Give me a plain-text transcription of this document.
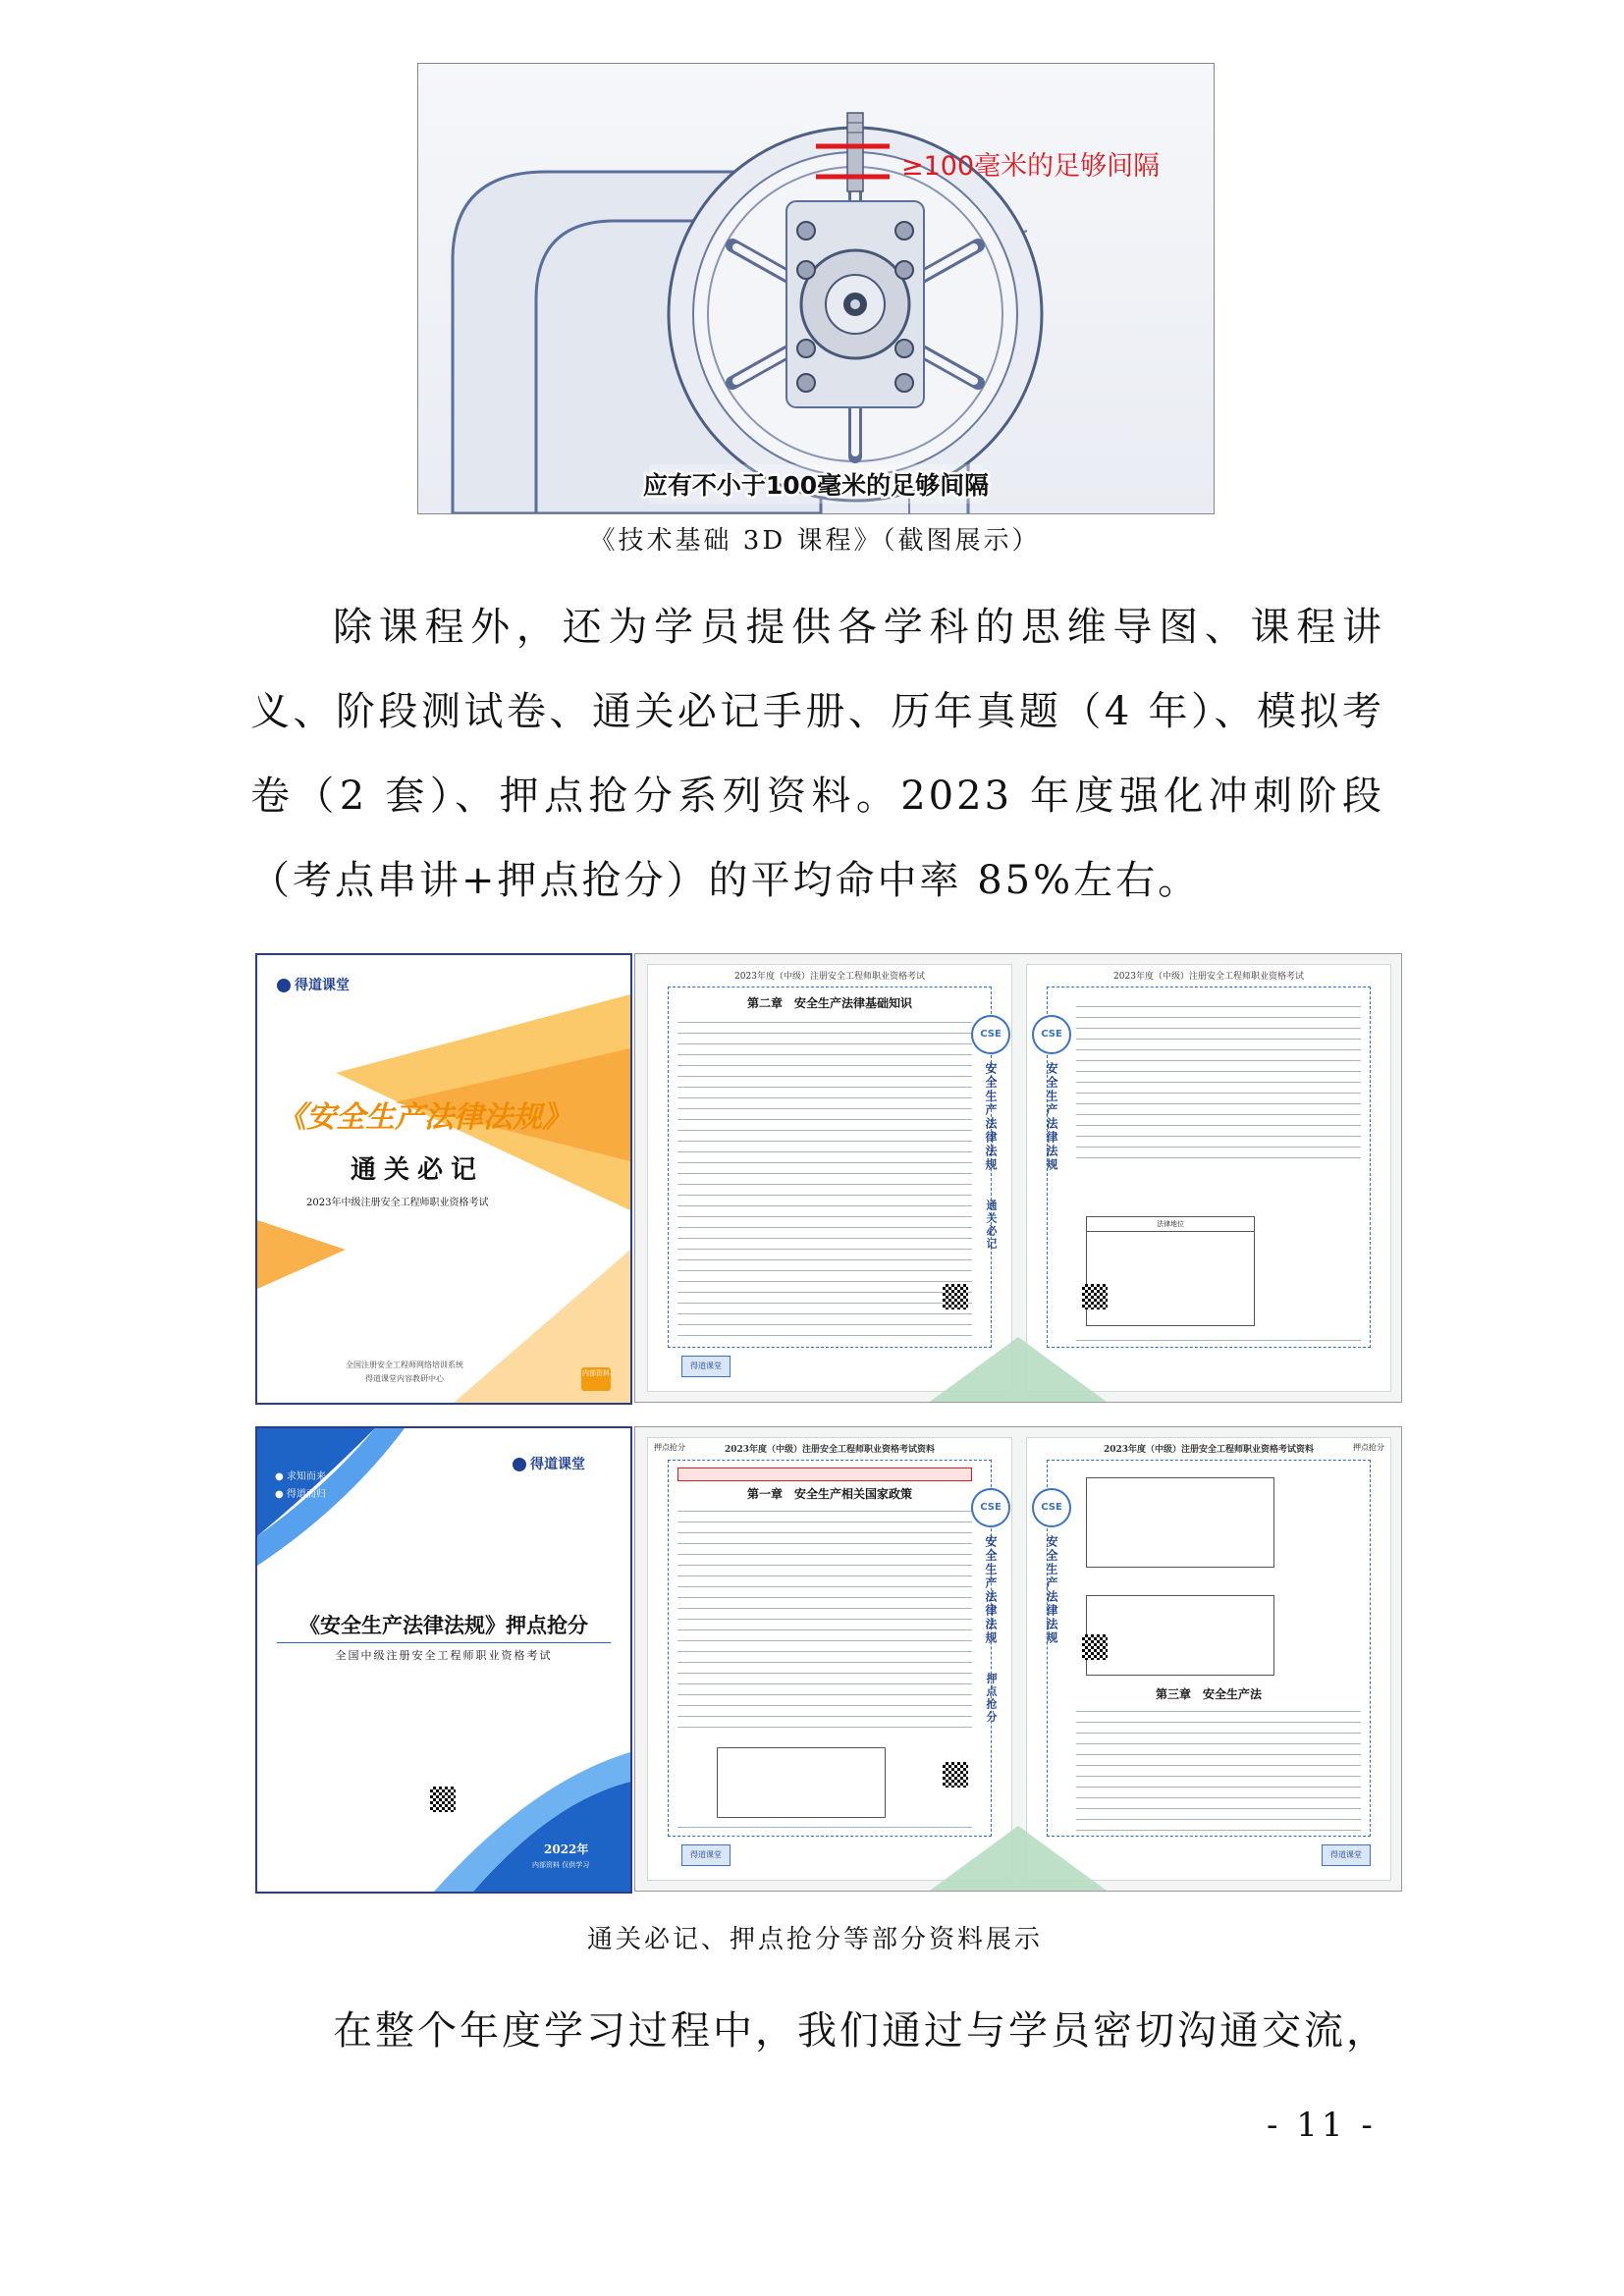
≥100毫米的足够间隔
应有不小于100毫米的足够间隔
《技术基础 3D 课程》（截图展示）
除课程外，还为学员提供各学科的思维导图、课程讲义、阶段测试卷、通关必记手册、历年真题（4 年）、模拟考卷（2 套）、押点抢分系列资料。2023 年度强化冲刺阶段（考点串讲+押点抢分）的平均命中率 85%左右。
得道课堂
《安全生产法律法规》
通关必记
2023年中级注册安全工程师职业资格考试
全国注册安全工程师网络培训系统
得道课堂内容教研中心
内部资料
2023年度（中级）注册安全工程师职业资格考试
第二章　安全生产法律基础知识
得道课堂
CSE
安全生产法律法规
通关必记
2023年度（中级）注册安全工程师职业资格考试
法律地位
CSE
安全生产法律法规
● 求知而来
● 得道而归
得道课堂
《安全生产法律法规》押点抢分
全国中级注册安全工程师职业资格考试
2022年
内部资料 仅供学习
2023年度（中级）注册安全工程师职业资格考试资料
押点抢分
第一章　安全生产相关国家政策
得道课堂
CSE
安全生产法律法规
押点抢分
2023年度（中级）注册安全工程师职业资格考试资料	押点抢分
第三章　安全生产法
得道课堂
CSE
安全生产法律法规
通关必记、押点抢分等部分资料展示
在整个年度学习过程中，我们通过与学员密切沟通交流，
- 11 -
